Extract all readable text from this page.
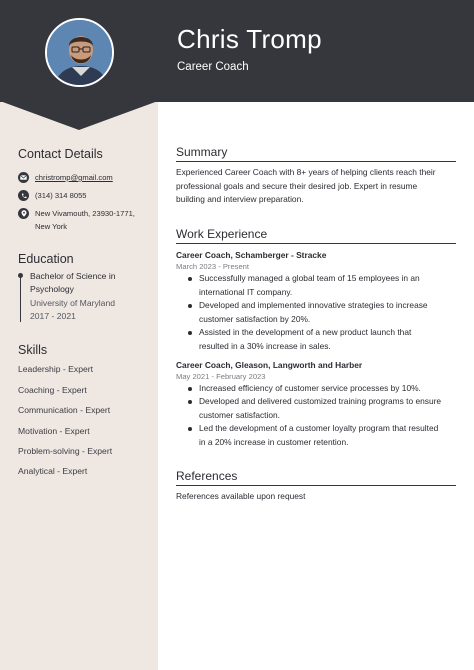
Chris Tromp
Career Coach
Contact Details
christromp@gmail.com
(314) 314 8055
New Vivamouth, 23930-1771,
New York
Education
Bachelor of Science in
Psychology
University of Maryland
2017 - 2021
Skills
Leadership - Expert
Coaching - Expert
Communication - Expert
Motivation - Expert
Problem-solving - Expert
Analytical - Expert
Summary
Experienced Career Coach with 8+ years of helping clients reach their
professional goals and secure their desired job. Expert in resume
building and interview preparation.
Work Experience
Career Coach, Schamberger - Stracke
March 2023 - Present
Successfully managed a global team of 15 employees in an
international IT company.
Developed and implemented innovative strategies to increase
customer satisfaction by 20%.
Assisted in the development of a new product launch that
resulted in a 30% increase in sales.
Career Coach, Gleason, Langworth and Harber
May 2021 - February 2023
Increased efficiency of customer service processes by 10%.
Developed and delivered customized training programs to ensure
customer satisfaction.
Led the development of a customer loyalty program that resulted
in a 20% increase in customer retention.
References
References available upon request
